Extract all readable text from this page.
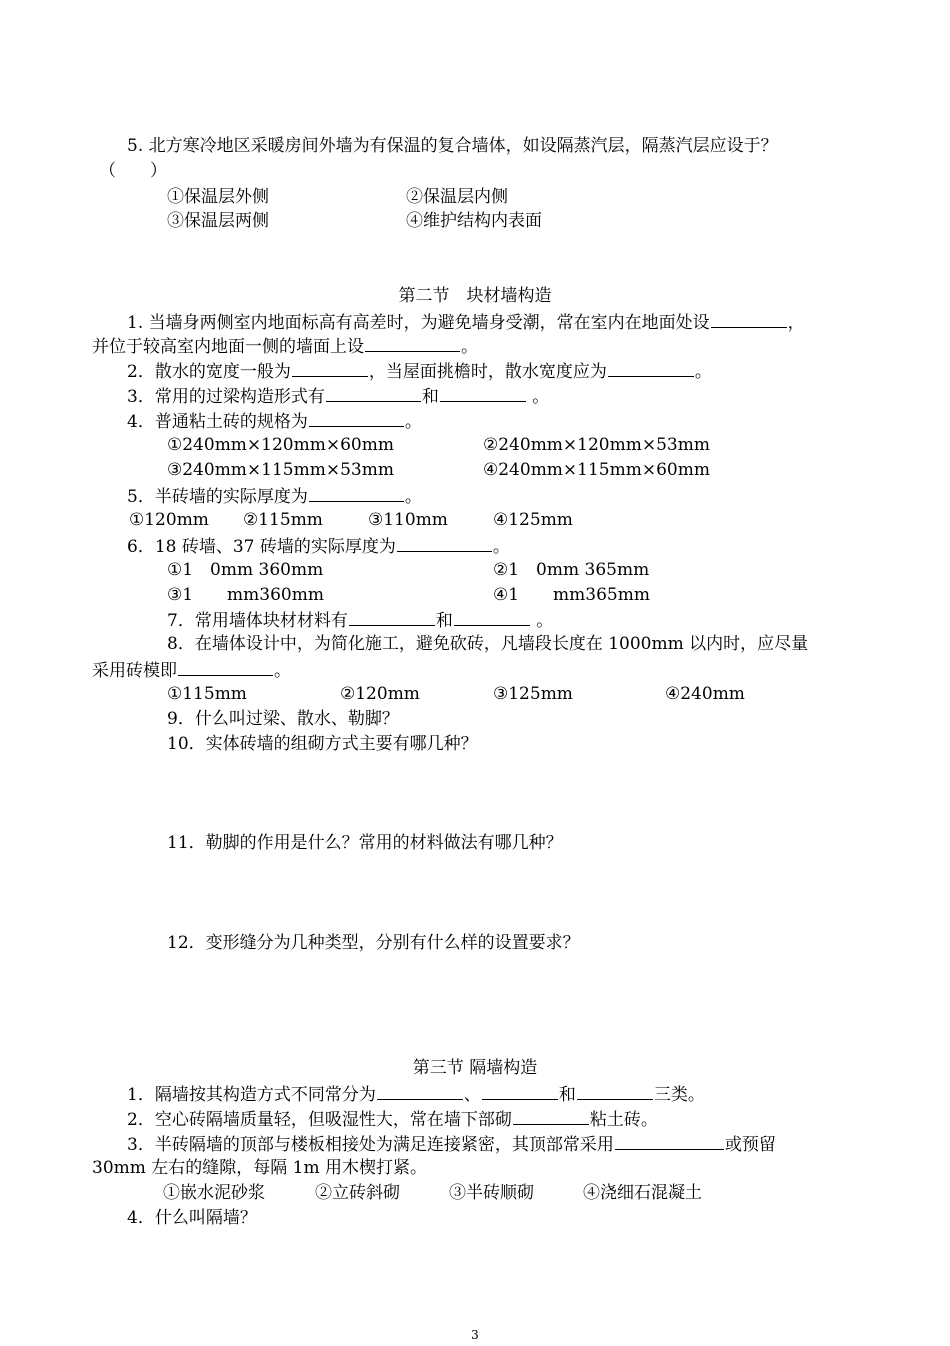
5. 北方寒冷地区采暖房间外墙为有保温的复合墙体，如设隔蒸汽层，隔蒸汽层应设于？
（　　）
①保温层外侧	②保温层内侧
③保温层两侧	④维护结构内表面
第二节　块材墙构造
1. 当墙身两侧室内地面标高有高差时，为避免墙身受潮，常在室内在地面处设	，
并位于较高室内地面一侧的墙面上设	。
2．散水的宽度一般为	，当屋面挑檐时，散水宽度应为	。
3．常用的过梁构造形式有	和	。
4．普通粘土砖的规格为	。
①240mm×120mm×60mm	②240mm×120mm×53mm
③240mm×115mm×53mm	④240mm×115mm×60mm
5．半砖墙的实际厚度为	。
①120mm ②115mm	③110mm	④125mm
6．18 砖墙、37 砖墙的实际厚度为	。
①1　0mm 360mm	②1　0mm 365mm
③1　　mm360mm	④1　　mm365mm
7．常用墙体块材材料有	和	。
8．在墙体设计中，为简化施工，避免砍砖，凡墙段长度在 1000mm 以内时，应尽量
采用砖模即	。
①115mm	②120mm	③125mm	④240mm
9．什么叫过梁、散水、勒脚？
10．实体砖墙的组砌方式主要有哪几种？
11．勒脚的作用是什么？常用的材料做法有哪几种？
12．变形缝分为几种类型，分别有什么样的设置要求？
第三节 隔墙构造
1．隔墙按其构造方式不同常分为	、	和	三类。
2．空心砖隔墙质量轻，但吸湿性大，常在墙下部砌	粘土砖。
3．半砖隔墙的顶部与楼板相接处为满足连接紧密，其顶部常采用	或预留
30mm 左右的缝隙，每隔 1m 用木楔打紧。
①嵌水泥砂浆	②立砖斜砌	③半砖顺砌	④浇细石混凝土
4．什么叫隔墙？
3
